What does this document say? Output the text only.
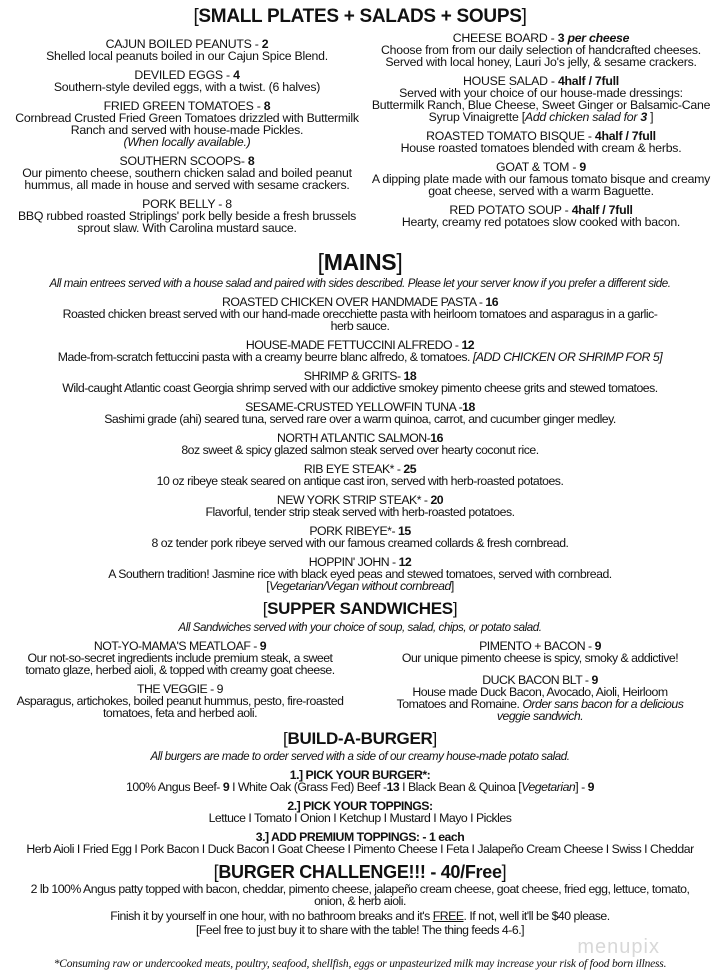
[SMALL PLATES + SALADS + SOUPS]
CAJUN BOILED PEANUTS - 2
Shelled local peanuts boiled in our Cajun Spice Blend.
DEVILED EGGS - 4
Southern-style deviled eggs, with a twist. (6 halves)
FRIED GREEN TOMATOES - 8
Cornbread Crusted Fried Green Tomatoes drizzled with Buttermilk
Ranch and served with house-made Pickles.
(When locally available.)
SOUTHERN SCOOPS- 8
Our pimento cheese, southern chicken salad and boiled peanut
hummus, all made in house and served with sesame crackers.
PORK BELLY - 8
BBQ rubbed roasted Striplings' pork belly beside a fresh brussels
sprout slaw. With Carolina mustard sauce.
CHEESE BOARD - 3 per cheese
Choose from from our daily selection of handcrafted cheeses.
Served with local honey, Lauri Jo's jelly, & sesame crackers.
HOUSE SALAD - 4half / 7full
Served with your choice of our house-made dressings:
Buttermilk Ranch, Blue Cheese, Sweet Ginger or Balsamic-Cane
Syrup Vinaigrette [Add chicken salad for 3 ]
ROASTED TOMATO BISQUE - 4half / 7full
House roasted tomatoes blended with cream & herbs.
GOAT & TOM - 9
A dipping plate made with our famous tomato bisque and creamy
goat cheese, served with a warm Baguette.
RED POTATO SOUP - 4half / 7full
Hearty, creamy red potatoes slow cooked with bacon.
[MAINS]
All main entrees served with a house salad and paired with sides described. Please let your server know if you prefer a different side.
ROASTED CHICKEN OVER HANDMADE PASTA - 16
Roasted chicken breast served with our hand-made orecchiette pasta with heirloom tomatoes and asparagus in a garlic-
herb sauce.
HOUSE-MADE FETTUCCINI ALFREDO - 12
Made-from-scratch fettuccini pasta with a creamy beurre blanc alfredo, & tomatoes. [ADD CHICKEN OR SHRIMP FOR 5]
SHRIMP & GRITS- 18
Wild-caught Atlantic coast Georgia shrimp served with our addictive smokey pimento cheese grits and stewed tomatoes.
SESAME-CRUSTED YELLOWFIN TUNA -18
Sashimi grade (ahi) seared tuna, served rare over a warm quinoa, carrot, and cucumber ginger medley.
NORTH ATLANTIC SALMON-16
8oz sweet & spicy glazed salmon steak served over hearty coconut rice.
RIB EYE STEAK* - 25
10 oz ribeye steak seared on antique cast iron, served with herb-roasted potatoes.
NEW YORK STRIP STEAK* - 20
Flavorful, tender strip steak served with herb-roasted potatoes.
PORK RIBEYE*- 15
8 oz tender pork ribeye served with our famous creamed collards & fresh cornbread.
HOPPIN' JOHN - 12
A Southern tradition! Jasmine rice with black eyed peas and stewed tomatoes, served with cornbread.
[Vegetarian/Vegan without cornbread]
[SUPPER SANDWICHES]
All Sandwiches served with your choice of soup, salad, chips, or potato salad.
NOT-YO-MAMA'S MEATLOAF - 9
Our not-so-secret ingredients include premium steak, a sweet
tomato glaze, herbed aioli, & topped with creamy goat cheese.
THE VEGGIE - 9
Asparagus, artichokes, boiled peanut hummus, pesto, fire-roasted
tomatoes, feta and herbed aoli.
PIMENTO + BACON - 9
Our unique pimento cheese is spicy, smoky & addictive!
DUCK BACON BLT - 9
House made Duck Bacon, Avocado, Aioli, Heirloom
Tomatoes and Romaine. Order sans bacon for a delicious
veggie sandwich.
[BUILD-A-BURGER]
All burgers are made to order served with a side of our creamy house-made potato salad.
1.] PICK YOUR BURGER*:
100% Angus Beef- 9 I White Oak (Grass Fed) Beef -13 I Black Bean & Quinoa [Vegetarian] - 9
2.] PICK YOUR TOPPINGS:
Lettuce I Tomato I Onion I Ketchup I Mustard I Mayo I Pickles
3.] ADD PREMIUM TOPPINGS: - 1 each
Herb Aioli I Fried Egg I Pork Bacon I Duck Bacon I Goat Cheese I Pimento Cheese I Feta I Jalapeño Cream Cheese I Swiss I Cheddar
[BURGER CHALLENGE!!! - 40/Free]
2 lb 100% Angus patty topped with bacon, cheddar, pimento cheese, jalapeño cream cheese, goat cheese, fried egg, lettuce, tomato,
onion, & herb aioli.
Finish it by yourself in one hour, with no bathroom breaks and it's FREE. If not, well it'll be $40 please.
[Feel free to just buy it to share with the table! The thing feeds 4-6.]
menupix
*Consuming raw or undercooked meats, poultry, seafood, shellfish, eggs or unpasteurized milk may increase your risk of food born illness.
